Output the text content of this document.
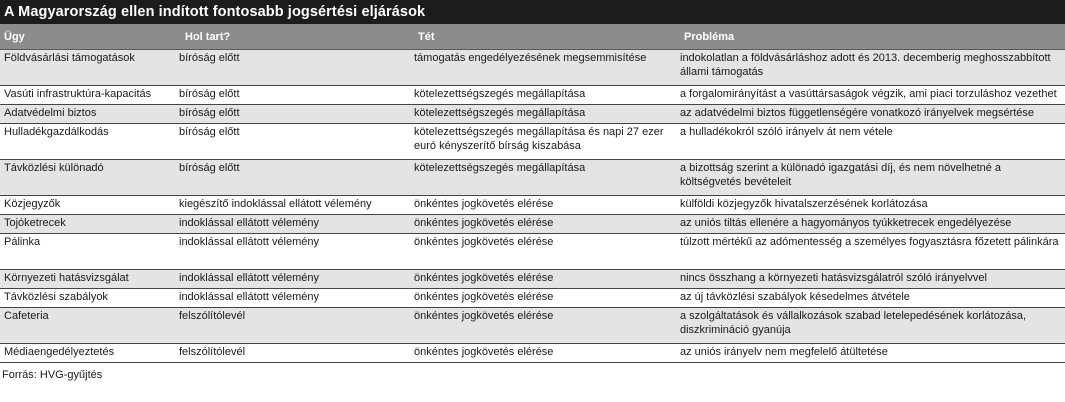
A Magyarország ellen indított fontosabb jogsértési eljárások
Ügy	Hol tart?	Tét	Probléma
Földvásárlási támogatások	bíróság előtt	támogatás engedélyezésének megsemmisítése	indokolatlan a földvásárláshoz adott és 2013. decemberig meghosszabbított állami támogatás
Vasúti infrastruktúra-kapacitás	bíróság előtt	kötelezettségszegés megállapítása	a forgalomirányítást a vasúttársaságok végzik, ami piaci torzuláshoz vezethet
Adatvédelmi biztos	bíróság előtt	kötelezettségszegés megállapítása	az adatvédelmi biztos függetlenségére vonatkozó irányelvek megsértése
Hulladékgazdálkodás	bíróság előtt	kötelezettségszegés megállapítása és napi 27 ezer euró kényszerítő bírság kiszabása	a hulladékokról szóló irányelv át nem vétele
Távközlési különadó	bíróság előtt	kötelezettségszegés megállapítása	a bizottság szerint a különadó igazgatási díj, és nem növelhetné a költségvetés bevételeit
Közjegyzők	kiegészítő indoklással ellátott vélemény	önkéntes jogkövetés elérése	külföldi közjegyzők hivatalszerzésének korlátozása
Tojóketrecek	indoklással ellátott vélemény	önkéntes jogkövetés elérése	az uniós tiltás ellenére a hagyományos tyúkketrecek engedélyezése
Pálinka	indoklással ellátott vélemény	önkéntes jogkövetés elérése	túlzott mértékű az adómentesség a személyes fogyasztásra főzetett pálinkára
Környezeti hatásvizsgálat	indoklással ellátott vélemény	önkéntes jogkövetés elérése	nincs összhang a környezeti hatásvizsgálatról szóló irányelvvel
Távközlési szabályok	indoklással ellátott vélemény	önkéntes jogkövetés elérése	az új távközlési szabályok késedelmes átvétele
Cafeteria	felszólítólevél	önkéntes jogkövetés elérése	a szolgáltatások és vállalkozások szabad letelepedésének korlátozása, diszkrimináció gyanúja
Médiaengedélyeztetés	felszólítólevél	önkéntes jogkövetés elérése	az uniós irányelv nem megfelelő átültetése
Forrás: HVG-gyűjtés
